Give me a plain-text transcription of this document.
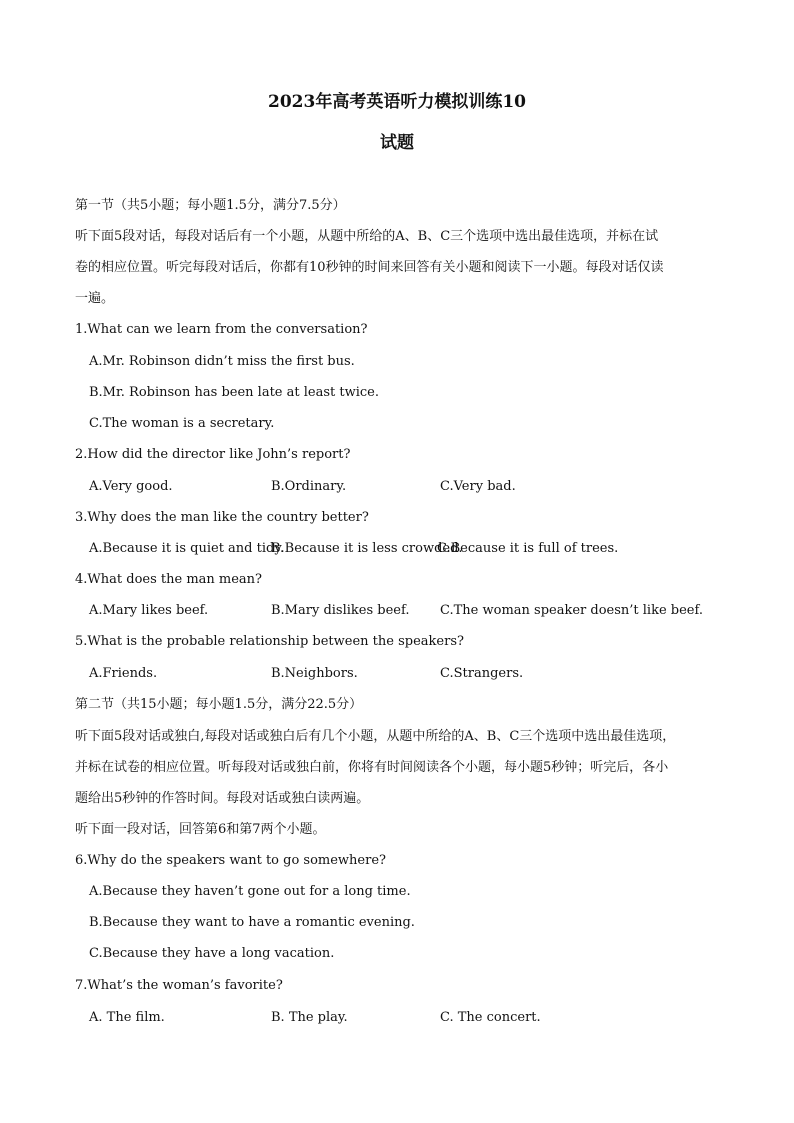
2023年高考英语听力模拟训练10
试题

第一节（共5小题；每小题1.5分，满分7.5分）

听下面5段对话，每段对话后有一个小题，从题中所给的A、B、C三个选项中选出最佳选项，并标在试

卷的相应位置。听完每段对话后，你都有10秒钟的时间来回答有关小题和阅读下一小题。每段对话仅读

一遍。

1.What can we learn from the conversation?

A.Mr. Robinson didn’t miss the first bus.
B.Mr. Robinson has been late at least twice.
C.The woman is a secretary.

2.How did the director like John’s report?

A.Very good.	B.Ordinary.	C.Very bad.

3.Why does the man like the country better?

A.Because it is quiet and tidy.
B.Because it is less crowded.
C.Because it is full of trees.

4.What does the man mean?

A.Mary likes beef.	B.Mary dislikes beef. C.The woman speaker doesn’t like beef.

5.What is the probable relationship between the speakers?

A.Friends.	B.Neighbors.	C.Strangers.

第二节（共15小题；每小题1.5分，满分22.5分）

听下面5段对话或独白,每段对话或独白后有几个小题，从题中所给的A、B、C三个选项中选出最佳选项，

并标在试卷的相应位置。听每段对话或独白前，你将有时间阅读各个小题，每小题5秒钟；听完后，各小

题给出5秒钟的作答时间。每段对话或独白读两遍。

听下面一段对话，回答第6和第7两个小题。

6.Why do the speakers want to go somewhere?

A.Because they haven’t gone out for a long time.
B.Because they want to have a romantic evening.
C.Because they have a long vacation.

7.What’s the woman’s favorite?

A. The film.	B. The play.	C. The concert.
